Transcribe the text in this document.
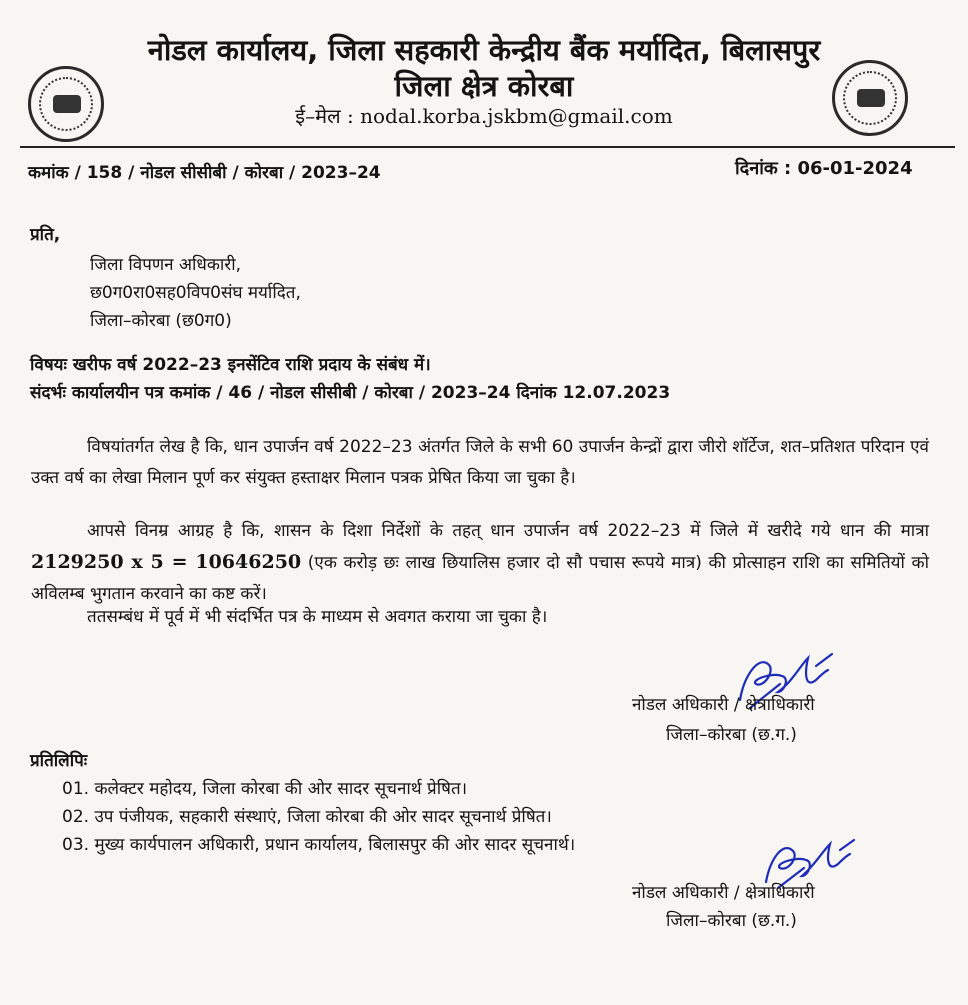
नोडल कार्यालय, जिला सहकारी केन्द्रीय बैंक मर्यादित, बिलासपुर
जिला क्षेत्र कोरबा
ई–मेल : nodal.korba.jskbm@gmail.com
कमांक / 158 / नोडल सीसीबी / कोरबा / 2023–24	दिनांक : 06-01-2024
प्रति,
जिला विपणन अधिकारी,
छ0ग0रा0सह0विप0संघ मर्यादित,
जिला–कोरबा (छ0ग0)
विषयः खरीफ वर्ष 2022–23 इनसेंटिव राशि प्रदाय के संबंध में।
संदर्भः कार्यालयीन पत्र कमांक / 46 / नोडल सीसीबी / कोरबा / 2023–24 दिनांक 12.07.2023
विषयांतर्गत लेख है कि, धान उपार्जन वर्ष 2022–23 अंतर्गत जिले के सभी 60 उपार्जन केन्द्रों द्वारा जीरो शॉर्टेज, शत–प्रतिशत परिदान एवं उक्त वर्ष का लेखा मिलान पूर्ण कर संयुक्त हस्ताक्षर मिलान पत्रक प्रेषित किया जा चुका है।
आपसे विनम्र आग्रह है कि, शासन के दिशा निर्देशों के तहत् धान उपार्जन वर्ष 2022–23 में जिले में खरीदे गये धान की मात्रा 2129250 x 5 = 10646250 (एक करोड़ छः लाख छियालिस हजार दो सौ पचास रूपये मात्र) की प्रोत्साहन राशि का समितियों को अविलम्ब भुगतान करवाने का कष्ट करें।
ततसम्बंध में पूर्व में भी संदर्भित पत्र के माध्यम से अवगत कराया जा चुका है।
नोडल अधिकारी / क्षेत्राधिकारी
जिला–कोरबा (छ.ग.)
प्रतिलिपिः
01. कलेक्टर महोदय, जिला कोरबा की ओर सादर सूचनार्थ प्रेषित।
02. उप पंजीयक, सहकारी संस्थाएं, जिला कोरबा की ओर सादर सूचनार्थ प्रेषित।
03. मुख्य कार्यपालन अधिकारी, प्रधान कार्यालय, बिलासपुर की ओर सादर सूचनार्थ।
नोडल अधिकारी / क्षेत्राधिकारी
जिला–कोरबा (छ.ग.)
